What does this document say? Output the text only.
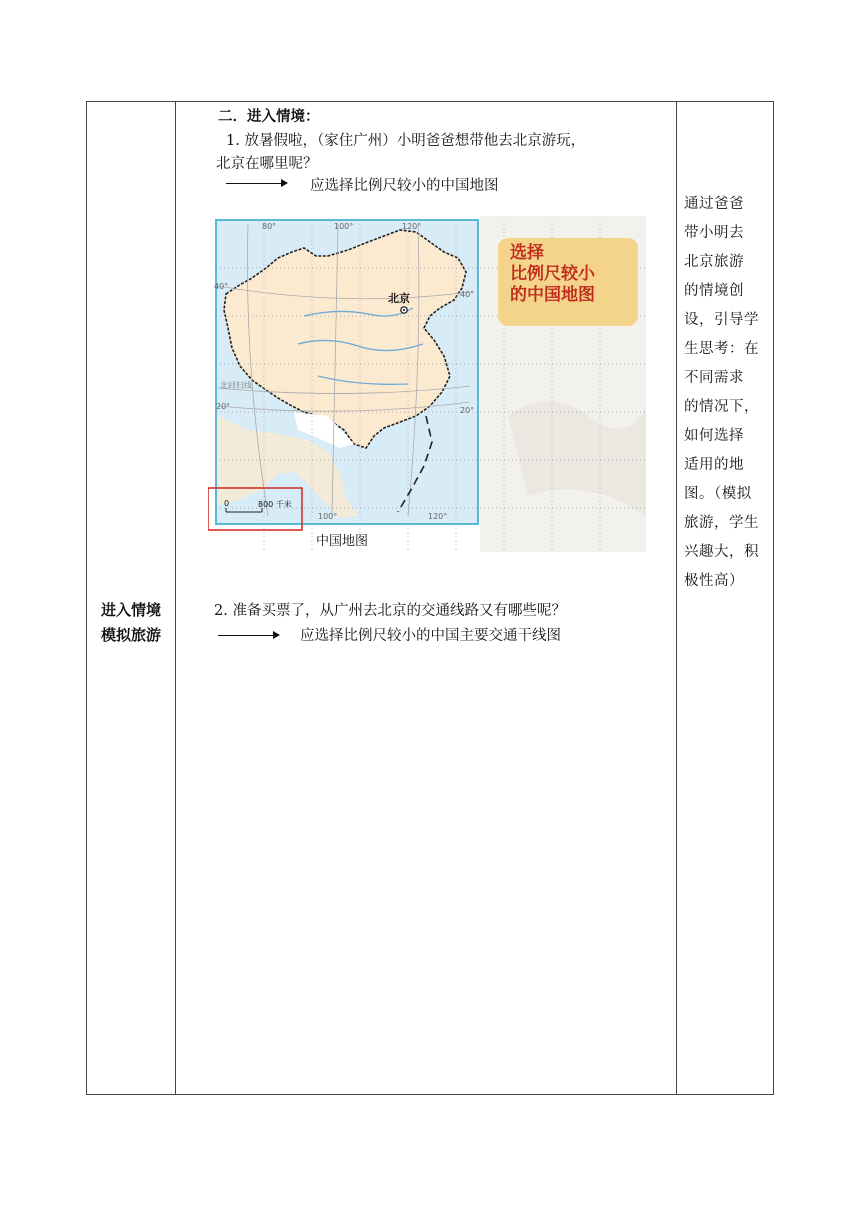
进入情境
模拟旅游
二．进入情境：
1. 放暑假啦，（家住广州）小明爸爸想带他去北京游玩，
北京在哪里呢？
应选择比例尺较小的中国地图
北京
选择
比例尺较小
的中国地图
北回归线
0	800 千米
80°	100°	120°
100°	120°
40°
40°
20°	20°
中国地图
2. 准备买票了，从广州去北京的交通线路又有哪些呢？
应选择比例尺较小的中国主要交通干线图
通过爸爸
带小明去
北京旅游
的情境创
设，引导学
生思考：在
不同需求
的情况下，
如何选择
适用的地
图。（模拟
旅游，学生
兴趣大，积
极性高）
